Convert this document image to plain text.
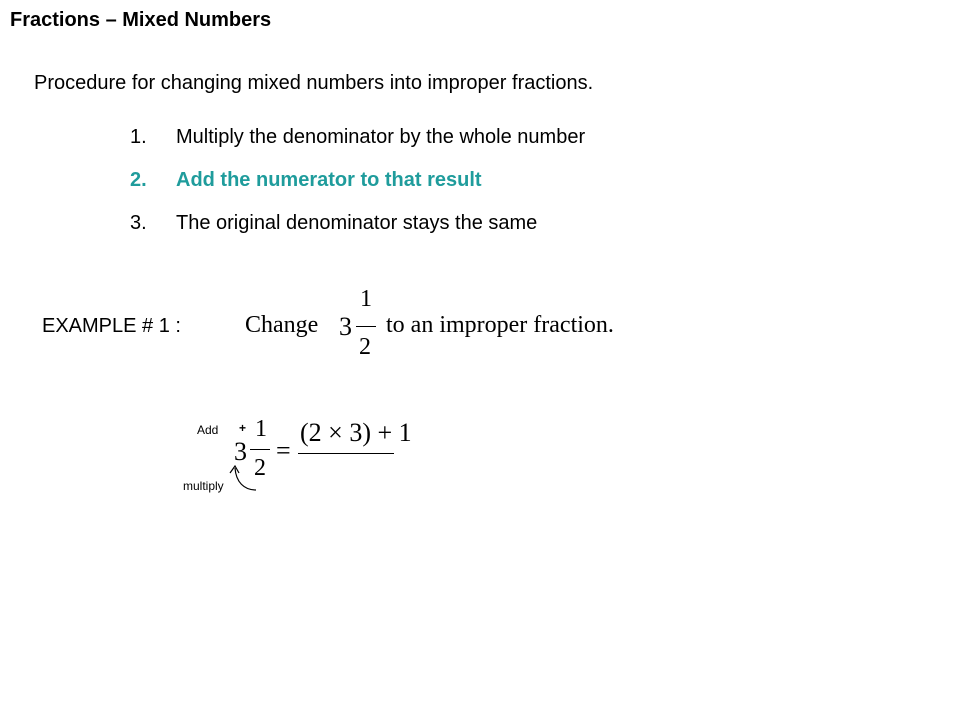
Fractions – Mixed Numbers
Procedure for changing mixed numbers into improper fractions.
1. Multiply the denominator by the whole number
2. Add the numerator to that result
3. The original denominator stays the same
EXAMPLE # 1 :	Change 3
1
2
to an improper fraction.
Add +
3
1
2
=
(2 × 3) + 1
multiply
